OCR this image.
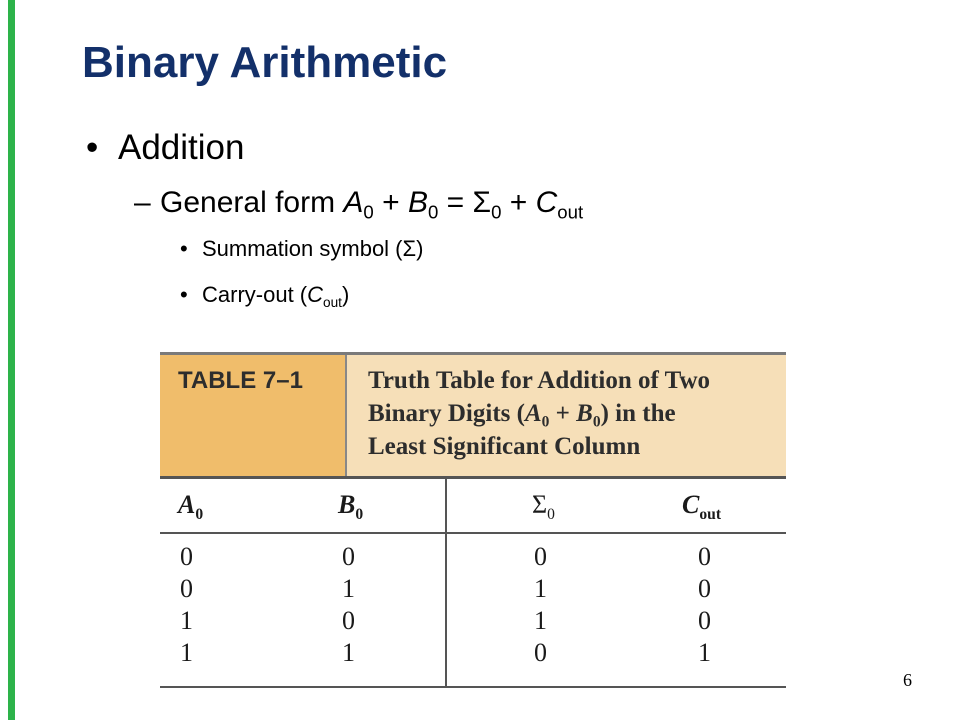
Binary Arithmetic
• Addition
– General form $A_0 + B_0 = \Sigma_0 + C_{out}$
• Summation symbol (Σ)
• Carry-out $(C_{out})$
TABLE 7–1	Truth Table for Addition of Two
Binary Digits $(A_0 + B_0)$ in the
Least Significant Column
$A_0$	$B_0$	$\Sigma_0$	$C_{out}$
0	0	0	0
0	1	1	0
1	0	1	0
1	1	0	1
6
